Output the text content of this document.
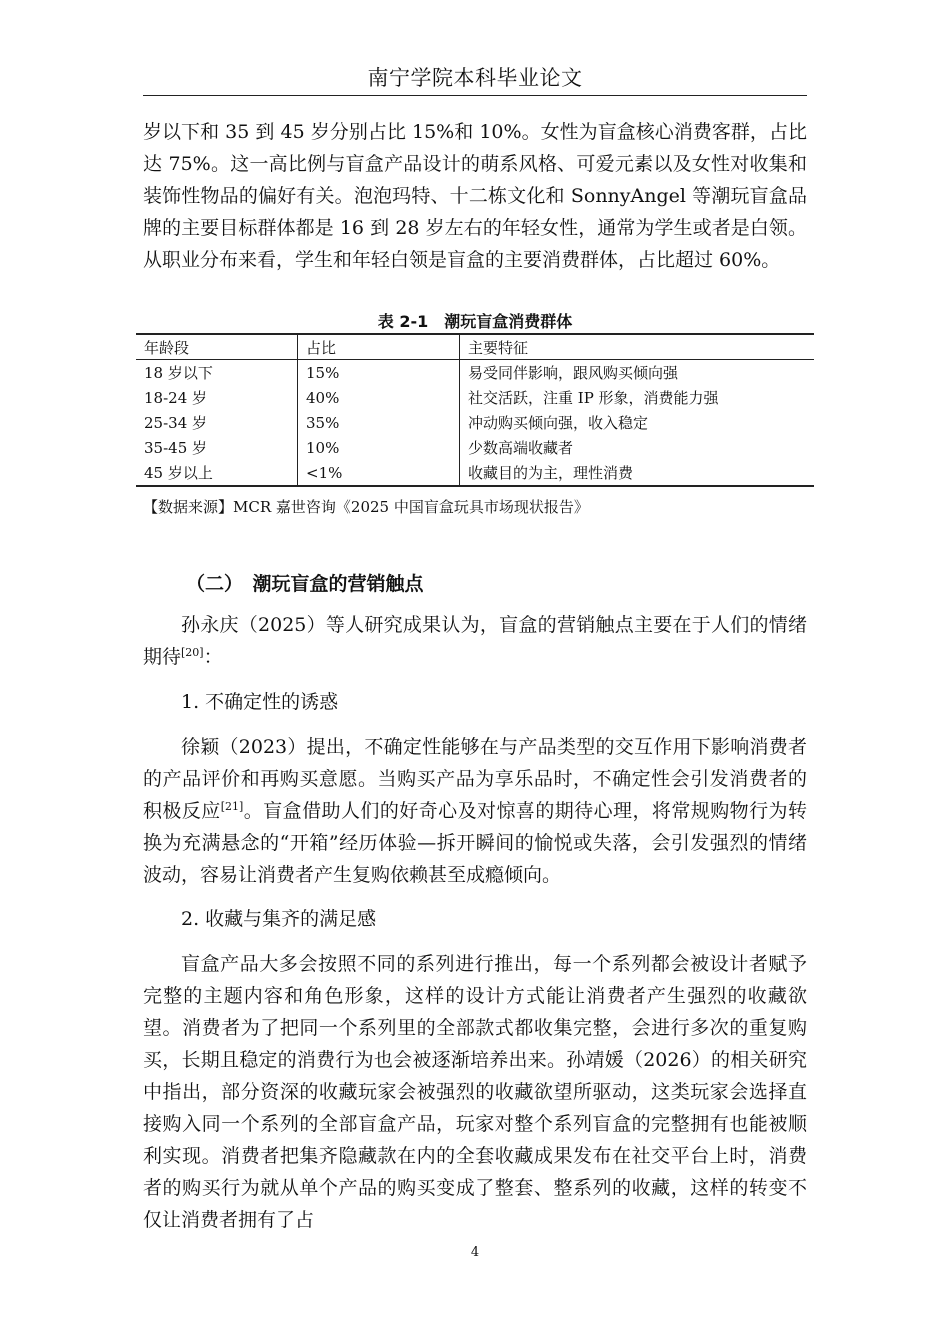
南宁学院本科毕业论文

岁以下和 35 到 45 岁分别占比 15%和 10%。女性为盲盒核心消费客群，占比达 75%。这一高比例与盲盒产品设计的萌系风格、可爱元素以及女性对收集和装饰性物品的偏好有关。泡泡玛特、十二栋文化和 SonnyAngel 等潮玩盲盒品牌的主要目标群体都是 16 到 28 岁左右的年轻女性，通常为学生或者是白领。从职业分布来看，学生和年轻白领是盲盒的主要消费群体，占比超过 60%。

表 2-1　潮玩盲盒消费群体
年龄段	占比	主要特征
18 岁以下	15%	易受同伴影响，跟风购买倾向强
18-24 岁	40%	社交活跃，注重 IP 形象，消费能力强
25-34 岁	35%	冲动购买倾向强，收入稳定
35-45 岁	10%	少数高端收藏者
45 岁以上	<1%	收藏目的为主，理性消费
【数据来源】MCR 嘉世咨询《2025 中国盲盒玩具市场现状报告》
（二）　潮玩盲盒的营销触点

孙永庆（2025）等人研究成果认为，盲盒的营销触点主要在于人们的情绪期待[20]：

1. 不确定性的诱惑

徐颖（2023）提出，不确定性能够在与产品类型的交互作用下影响消费者的产品评价和再购买意愿。当购买产品为享乐品时，不确定性会引发消费者的积极反应[21]。盲盒借助人们的好奇心及对惊喜的期待心理，将常规购物行为转换为充满悬念的“开箱”经历体验—拆开瞬间的愉悦或失落，会引发强烈的情绪波动，容易让消费者产生复购依赖甚至成瘾倾向。

2. 收藏与集齐的满足感

盲盒产品大多会按照不同的系列进行推出，每一个系列都会被设计者赋予完整的主题内容和角色形象，这样的设计方式能让消费者产生强烈的收藏欲望。消费者为了把同一个系列里的全部款式都收集完整，会进行多次的重复购买，长期且稳定的消费行为也会被逐渐培养出来。孙靖媛（2026）的相关研究中指出，部分资深的收藏玩家会被强烈的收藏欲望所驱动，这类玩家会选择直接购入同一个系列的全部盲盒产品，玩家对整个系列盲盒的完整拥有也能被顺利实现。消费者把集齐隐藏款在内的全套收藏成果发布在社交平台上时，消费者的购买行为就从单个产品的购买变成了整套、整系列的收藏，这样的转变不仅让消费者拥有了占

4
